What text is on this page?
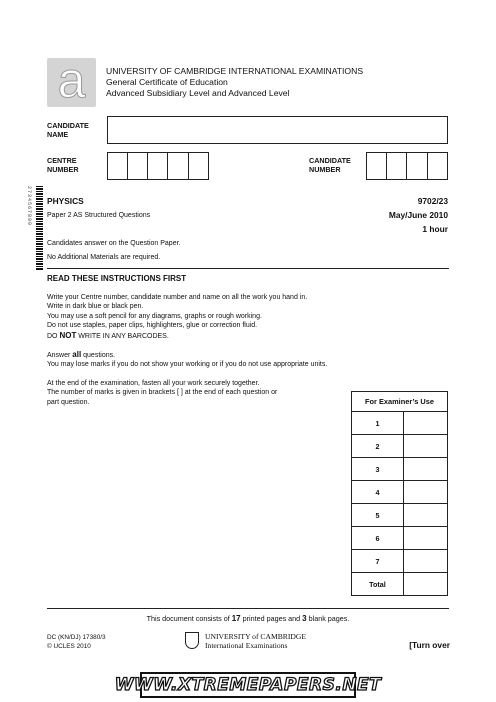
a UNIVERSITY OF CAMBRIDGE INTERNATIONAL EXAMINATIONS
General Certificate of Education
Advanced Subsidiary Level and Advanced Level
CANDIDATE
NAME
CENTRE
NUMBER
CANDIDATE
NUMBER
2734567890 PHYSICS	9702/23
Paper 2 AS Structured Questions	May/June 2010
1 hour
Candidates answer on the Question Paper.
No Additional Materials are required.
READ THESE INSTRUCTIONS FIRST

Write your Centre number, candidate number and name on all the work you hand in.

Write in dark blue or black pen.

You may use a soft pencil for any diagrams, graphs or rough working.

Do not use staples, paper clips, highlighters, glue or correction fluid.

DO NOT WRITE IN ANY BARCODES.

Answer all questions.

You may lose marks if you do not show your working or if you do not use appropriate units.

At the end of the examination, fasten all your work securely together.

The number of marks is given in brackets [ ] at the end of each question or

part question.	For Examiner’s Use	
1	
2	
3	
4	
5	
6	
7	
Total	
This document consists of 17 printed pages and 3 blank pages.
DC (KN/DJ) 17380/3
© UCLES 2010
UNIVERSITY of CAMBRIDGE
International Examinations	[Turn over
WWW.XTREMEPAPERS.NET
